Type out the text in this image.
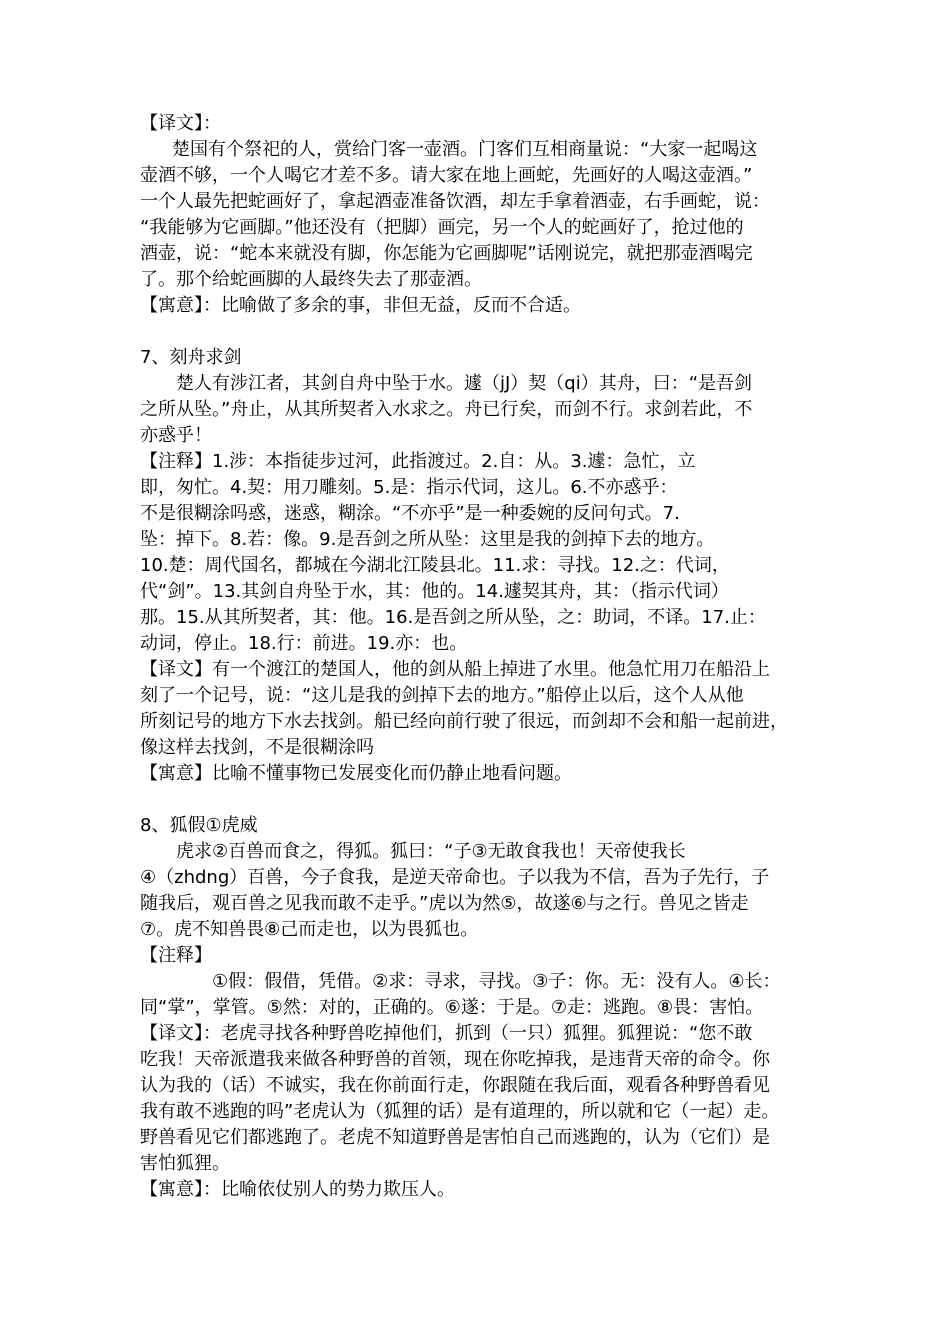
【译文】：

楚国有个祭祀的人，赏给门客一壶酒。门客们互相商量说：“大家一起喝这

壶酒不够，一个人喝它才差不多。请大家在地上画蛇，先画好的人喝这壶酒。”

一个人最先把蛇画好了，拿起酒壶准备饮酒，却左手拿着酒壶，右手画蛇，说：

“我能够为它画脚。”他还没有（把脚）画完，另一个人的蛇画好了，抢过他的

酒壶，说：“蛇本来就没有脚，你怎能为它画脚呢”话刚说完，就把那壶酒喝完

了。那个给蛇画脚的人最终失去了那壶酒。

【寓意】：比喻做了多余的事，非但无益，反而不合适。

7、刻舟求剑

楚人有涉江者，其剑自舟中坠于水。遽（jJ）契（qi）其舟，曰：“是吾剑

之所从坠。”舟止，从其所契者入水求之。舟已行矣，而剑不行。求剑若此，不

亦惑乎！

【注释】1.涉：本指徒步过河，此指渡过。2.自：从。3.遽：急忙，立

即，匆忙。4.契：用刀雕刻。5.是：指示代词，这儿。6.不亦惑乎：

不是很糊涂吗惑，迷惑，糊涂。“不亦乎”是一种委婉的反问句式。7.

坠：掉下。8.若：像。9.是吾剑之所从坠：这里是我的剑掉下去的地方。

10.楚：周代国名，都城在今湖北江陵县北。11.求：寻找。12.之：代词，

代“剑”。13.其剑自舟坠于水，其：他的。14.遽契其舟，其：（指示代词）

那。15.从其所契者，其：他。16.是吾剑之所从坠，之：助词，不译。17.止：

动词，停止。18.行：前进。19.亦：也。

【译文】有一个渡江的楚国人，他的剑从船上掉进了水里。他急忙用刀在船沿上

刻了一个记号，说：“这儿是我的剑掉下去的地方。”船停止以后，这个人从他

所刻记号的地方下水去找剑。船已经向前行驶了很远，而剑却不会和船一起前进，

像这样去找剑，不是很糊涂吗

【寓意】比喻不懂事物已发展变化而仍静止地看问题。

8、狐假①虎威

虎求②百兽而食之，得狐。狐曰：“子③无敢食我也！天帝使我长

④（zhdng）百兽，今子食我，是逆天帝命也。子以我为不信，吾为子先行，子

随我后，观百兽之见我而敢不走乎。”虎以为然⑤，故遂⑥与之行。兽见之皆走

⑦。虎不知兽畏⑧己而走也，以为畏狐也。

【注释】

①假：假借，凭借。②求：寻求，寻找。③子：你。无：没有人。④长：

同“掌”，掌管。⑤然：对的，正确的。⑥遂：于是。⑦走：逃跑。⑧畏：害怕。

【译文】：老虎寻找各种野兽吃掉他们，抓到（一只）狐狸。狐狸说：“您不敢

吃我！天帝派遣我来做各种野兽的首领，现在你吃掉我，是违背天帝的命令。你

认为我的（话）不诚实，我在你前面行走，你跟随在我后面，观看各种野兽看见

我有敢不逃跑的吗”老虎认为（狐狸的话）是有道理的，所以就和它（一起）走。

野兽看见它们都逃跑了。老虎不知道野兽是害怕自己而逃跑的，认为（它们）是

害怕狐狸。

【寓意】：比喻依仗别人的势力欺压人。
